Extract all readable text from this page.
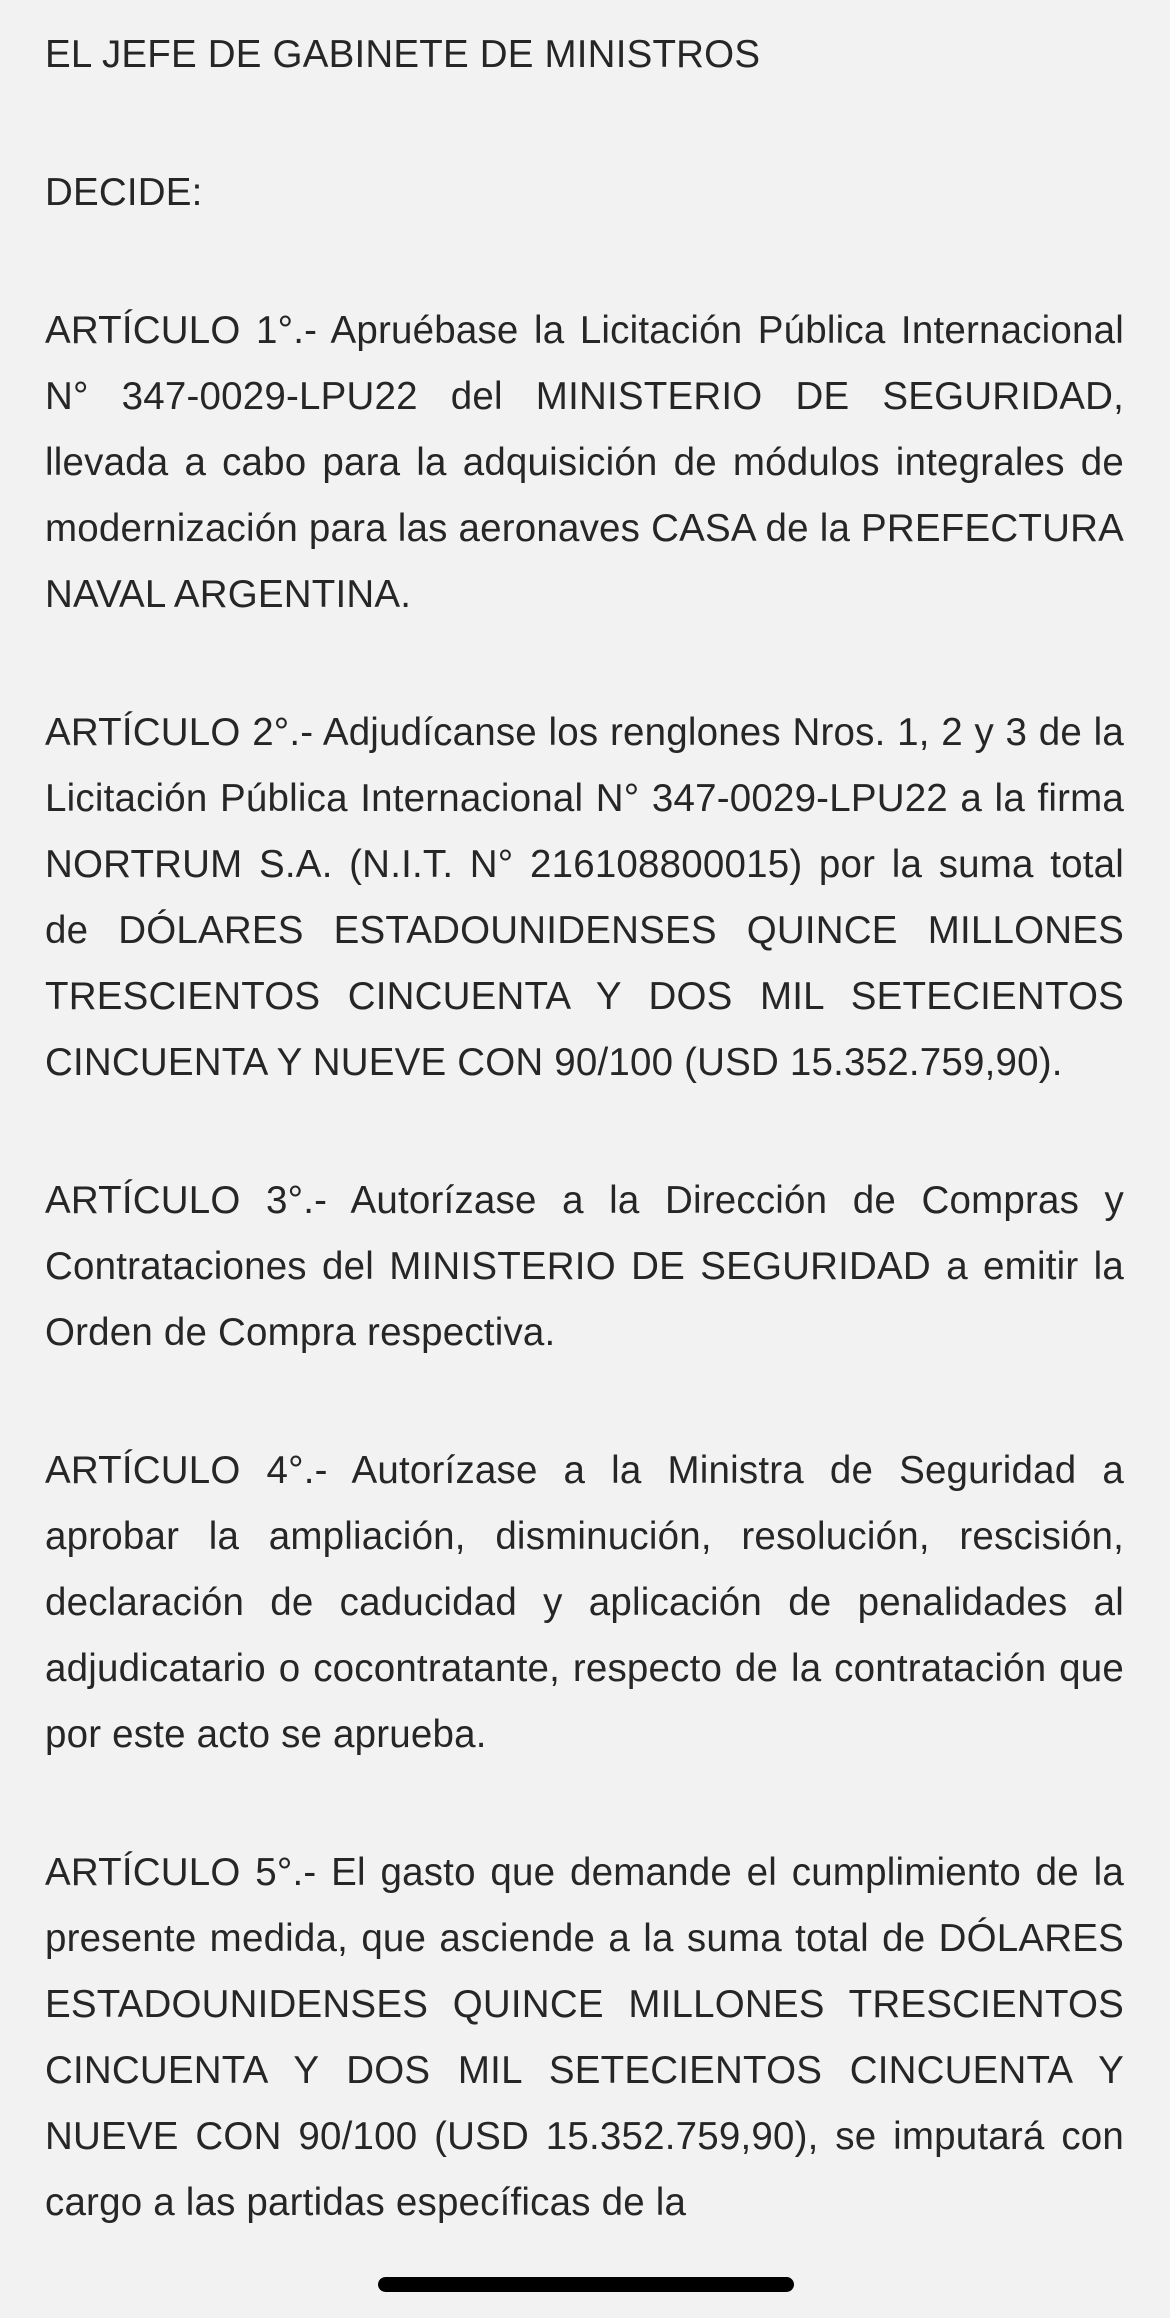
EL JEFE DE GABINETE DE MINISTROS

DECIDE:

ARTÍCULO 1°.- Apruébase la Licitación Pública Internacional N° 347-0029-LPU22 del MINISTERIO DE SEGURIDAD, llevada a cabo para la adquisición de módulos integrales de modernización para las aeronaves CASA de la PREFECTURA NAVAL ARGENTINA.

ARTÍCULO 2°.- Adjudícanse los renglones Nros. 1, 2 y 3 de la Licitación Pública Internacional N° 347-0029-LPU22 a la firma NORTRUM S.A. (N.I.T. N° 216108800015) por la suma total de DÓLARES ESTADOUNIDENSES QUINCE MILLONES TRESCIENTOS CINCUENTA Y DOS MIL SETECIENTOS CINCUENTA Y NUEVE CON 90/100 (USD 15.352.759,90).

ARTÍCULO 3°.- Autorízase a la Dirección de Compras y Contrataciones del MINISTERIO DE SEGURIDAD a emitir la Orden de Compra respectiva.

ARTÍCULO 4°.- Autorízase a la Ministra de Seguridad a aprobar la ampliación, disminución, resolución, rescisión, declaración de caducidad y aplicación de penalidades al adjudicatario o cocontratante, respecto de la contratación que por este acto se aprueba.

ARTÍCULO 5°.- El gasto que demande el cumplimiento de la presente medida, que asciende a la suma total de DÓLARES ESTADOUNIDENSES QUINCE MILLONES TRESCIENTOS CINCUENTA Y DOS MIL SETECIENTOS CINCUENTA Y NUEVE CON 90/100 (USD 15.352.759,90), se imputará con cargo a las partidas específicas de la
